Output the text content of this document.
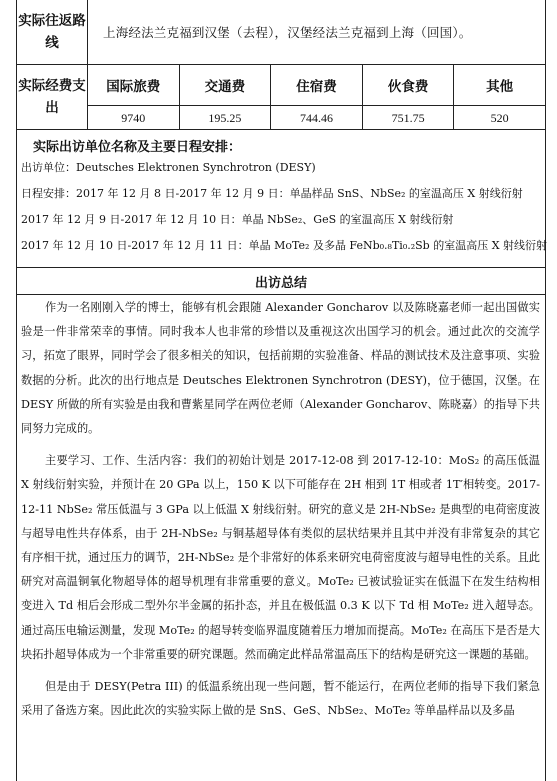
实际往返路线
上海经法兰克福到汉堡（去程），汉堡经法兰克福到上海（回国）。
实际经费支出
国际旅费	交通费	住宿费	伙食费	其他
9740	195.25	744.46	751.75	520
实际出访单位名称及主要日程安排：
出访单位：Deutsches Elektronen Synchrotron (DESY)
日程安排：2017 年 12 月 8 日-2017 年 12 月 9 日：单晶样品 SnS、NbSe₂ 的室温高压 X 射线衍射
2017 年 12 月 9 日-2017 年 12 月 10 日：单晶 NbSe₂、GeS 的室温高压 X 射线衍射
2017 年 12 月 10 日-2017 年 12 月 11 日：单晶 MoTe₂ 及多晶 FeNb₀.₈Ti₀.₂Sb 的室温高压 X 射线衍射
出访总结

作为一名刚刚入学的博士，能够有机会跟随 Alexander Goncharov 以及陈晓嘉老师一起出国做实验是一件非常荣幸的事情。同时我本人也非常的珍惜以及重视这次出国学习的机会。通过此次的交流学习，拓宽了眼界，同时学会了很多相关的知识，包括前期的实验准备、样品的测试技术及注意事项、实验数据的分析。此次的出行地点是 Deutsches Elektronen Synchrotron (DESY)，位于德国，汉堡。在 DESY 所做的所有实验是由我和曹紫星同学在两位老师（Alexander Goncharov、陈晓嘉）的指导下共同努力完成的。

主要学习、工作、生活内容：我们的初始计划是 2017-12-08 到 2017-12-10：MoS₂ 的高压低温 X 射线衍射实验，并预计在 20 GPa 以上，150 K 以下可能存在 2H 相到 1T 相或者 1T′相转变。2017-12-11 NbSe₂ 常压低温与 3 GPa 以上低温 X 射线衍射。研究的意义是 2H-NbSe₂ 是典型的电荷密度波与超导电性共存体系，由于 2H-NbSe₂ 与铜基超导体有类似的层状结果并且其中并没有非常复杂的其它有序相干扰，通过压力的调节，2H-NbSe₂ 是个非常好的体系来研究电荷密度波与超导电性的关系。且此研究对高温铜氧化物超导体的超导机理有非常重要的意义。MoTe₂ 已被试验证实在低温下在发生结构相变进入 Td 相后会形成二型外尔半金属的拓扑态，并且在极低温 0.3 K 以下 Td 相 MoTe₂ 进入超导态。通过高压电输运测量，发现 MoTe₂ 的超导转变临界温度随着压力增加而提高。MoTe₂ 在高压下是否是大块拓扑超导体成为一个非常重要的研究课题。然而确定此样品常温高压下的结构是研究这一课题的基础。

但是由于 DESY(Petra III) 的低温系统出现一些问题，暂不能运行，在两位老师的指导下我们紧急采用了备选方案。因此此次的实验实际上做的是 SnS、GeS、NbSe₂、MoTe₂ 等单晶样品以及多晶
